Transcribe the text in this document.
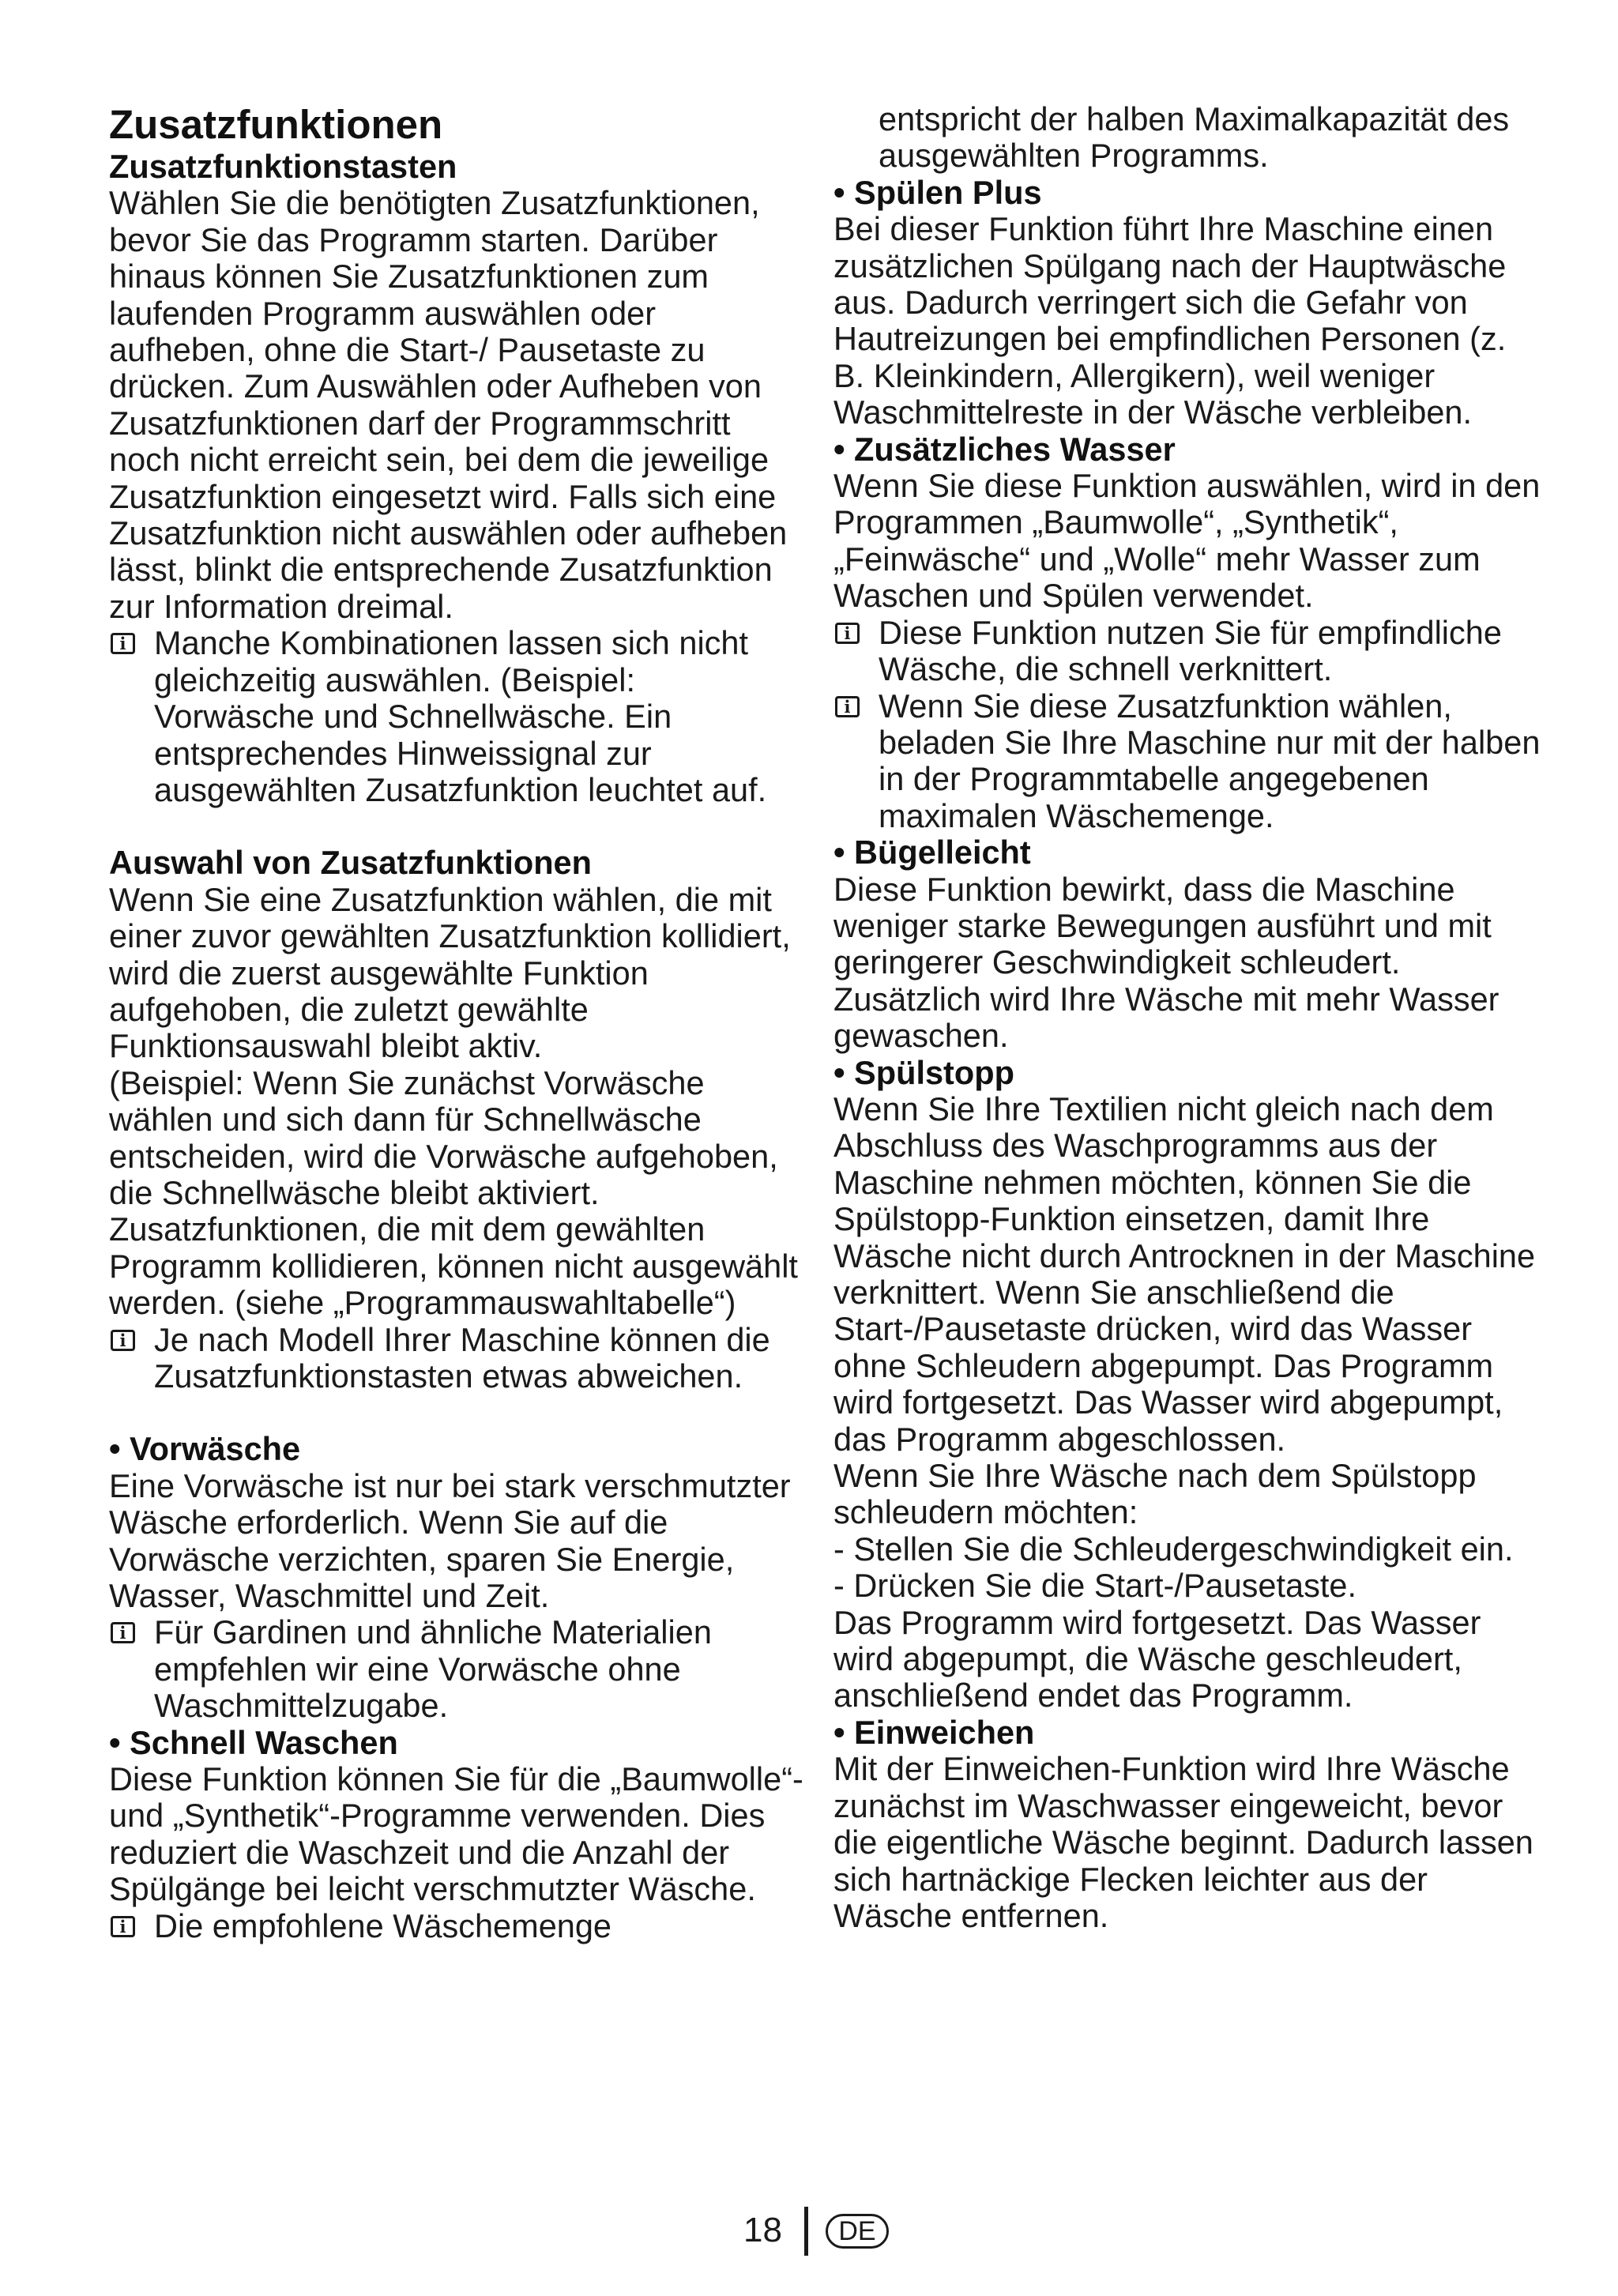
Zusatzfunktionen

Zusatzfunktionstasten

Wählen Sie die benötigten Zusatzfunktionen, bevor Sie das Programm starten. Darüber hinaus können Sie Zusatzfunktionen zum laufenden Programm auswählen oder aufheben, ohne die Start-/ Pausetaste zu drücken. Zum Auswählen oder Aufheben von Zusatzfunktionen darf der Programmschritt noch nicht erreicht sein, bei dem die jeweilige Zusatzfunktion eingesetzt wird. Falls sich eine Zusatzfunktion nicht auswählen oder aufheben lässt, blinkt die entsprechende Zusatzfunktion zur Information dreimal.

i Manche Kombinationen lassen sich nicht gleichzeitig auswählen. (Beispiel: Vorwäsche und Schnellwäsche. Ein entsprechendes Hinweissignal zur ausgewählten Zusatzfunktion leuchtet auf.

Auswahl von Zusatzfunktionen

Wenn Sie eine Zusatzfunktion wählen, die mit einer zuvor gewählten Zusatzfunktion kollidiert, wird die zuerst ausgewählte Funktion aufgehoben, die zuletzt gewählte Funktionsauswahl bleibt aktiv.

(Beispiel: Wenn Sie zunächst Vorwäsche wählen und sich dann für Schnellwäsche entscheiden, wird die Vorwäsche aufgehoben, die Schnellwäsche bleibt aktiviert.

Zusatzfunktionen, die mit dem gewählten Programm kollidieren, können nicht ausgewählt werden. (siehe „Programmauswahltabelle“)

i Je nach Modell Ihrer Maschine können die Zusatzfunktionstasten etwas abweichen.

• Vorwäsche

Eine Vorwäsche ist nur bei stark verschmutzter Wäsche erforderlich. Wenn Sie auf die Vorwäsche verzichten, sparen Sie Energie, Wasser, Waschmittel und Zeit.

i Für Gardinen und ähnliche Materialien empfehlen wir eine Vorwäsche ohne Waschmittelzugabe.

• Schnell Waschen

Diese Funktion können Sie für die „Baumwolle“- und „Synthetik“-Programme verwenden. Dies reduziert die Waschzeit und die Anzahl der Spülgänge bei leicht verschmutzter Wäsche.

i Die empfohlene Wäschemenge

entspricht der halben Maximalkapazität des ausgewählten Programms.

• Spülen Plus

Bei dieser Funktion führt Ihre Maschine einen zusätzlichen Spülgang nach der Hauptwäsche aus. Dadurch verringert sich die Gefahr von Hautreizungen bei empfindlichen Personen (z. B. Kleinkindern, Allergikern), weil weniger Waschmittelreste in der Wäsche verbleiben.

• Zusätzliches Wasser

Wenn Sie diese Funktion auswählen, wird in den Programmen „Baumwolle“, „Synthetik“, „Feinwäsche“ und „Wolle“ mehr Wasser zum Waschen und Spülen verwendet.

i Diese Funktion nutzen Sie für empfindliche Wäsche, die schnell verknittert.
i Wenn Sie diese Zusatzfunktion wählen, beladen Sie Ihre Maschine nur mit der halben in der Programmtabelle angegebenen maximalen Wäschemenge.

• Bügelleicht

Diese Funktion bewirkt, dass die Maschine weniger starke Bewegungen ausführt und mit geringerer Geschwindigkeit schleudert. Zusätzlich wird Ihre Wäsche mit mehr Wasser gewaschen.

• Spülstopp

Wenn Sie Ihre Textilien nicht gleich nach dem Abschluss des Waschprogramms aus der Maschine nehmen möchten, können Sie die Spülstopp-Funktion einsetzen, damit Ihre Wäsche nicht durch Antrocknen in der Maschine verknittert. Wenn Sie anschließend die Start-/Pausetaste drücken, wird das Wasser ohne Schleudern abgepumpt. Das Programm wird fortgesetzt. Das Wasser wird abgepumpt, das Programm abgeschlossen.

Wenn Sie Ihre Wäsche nach dem Spülstopp schleudern möchten:

- Stellen Sie die Schleudergeschwindigkeit ein.

- Drücken Sie die Start-/Pausetaste.

Das Programm wird fortgesetzt. Das Wasser wird abgepumpt, die Wäsche geschleudert, anschließend endet das Programm.

• Einweichen

Mit der Einweichen-Funktion wird Ihre Wäsche zunächst im Waschwasser eingeweicht, bevor die eigentliche Wäsche beginnt. Dadurch lassen sich hartnäckige Flecken leichter aus der Wäsche entfernen.

18	DE
